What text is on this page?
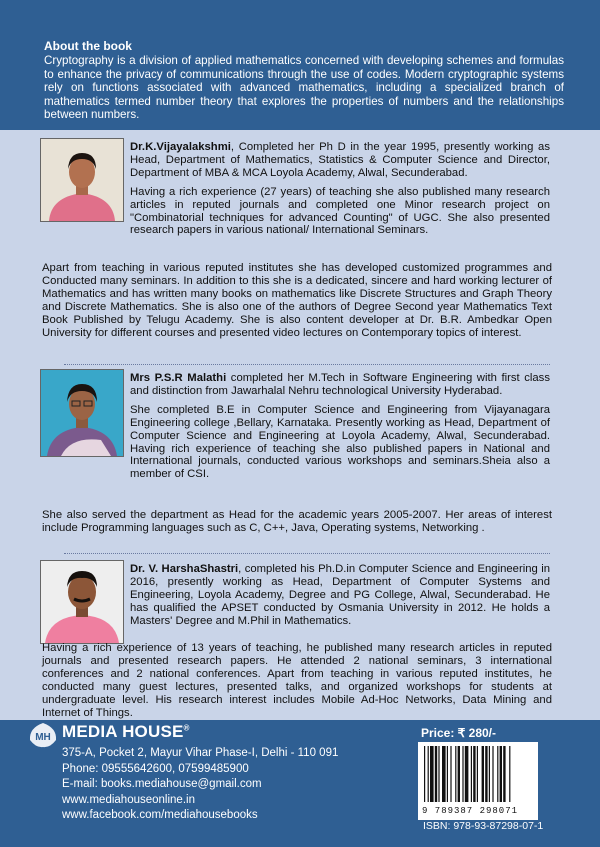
About the book

Cryptography is a division of applied mathematics concerned with developing schemes and formulas to enhance the privacy of communications through the use of codes. Modern cryptographic systems rely on functions associated with advanced mathematics, including a specialized branch of mathematics termed number theory that explores the properties of numbers and the relationships between numbers.

Dr.K.Vijayalakshmi, Completed her Ph D in the year 1995, presently working as Head, Department of Mathematics, Statistics & Computer Science and Director, Department of MBA & MCA Loyola Academy, Alwal, Secunderabad.

Having a rich experience (27 years) of teaching she also published many research articles in reputed journals and completed one Minor research project on "Combinatorial techniques for advanced Counting" of UGC. She also presented research papers in various national/ International Seminars.

Apart from teaching in various reputed institutes she has developed customized programmes and Conducted many seminars. In addition to this she is a dedicated, sincere and hard working lecturer of Mathematics and has written many books on mathematics like Discrete Structures and Graph Theory and Discrete Mathematics. She is also one of the authors of Degree Second year Mathematics Text Book Published by Telugu Academy. She is also content developer at Dr. B.R. Ambedkar Open University for different courses and presented video lectures on Contemporary topics of interest.

Mrs P.S.R Malathi completed her M.Tech in Software Engineering with first class and distinction from Jawarhalal Nehru technological University Hyderabad.

She completed B.E in Computer Science and Engineering from Vijayanagara Engineering college ,Bellary, Karnataka. Presently working as Head, Department of Computer Science and Engineering at Loyola Academy, Alwal, Secunderabad. Having rich experience of teaching she also published papers in National and International journals, conducted various workshops and seminars.Sheia also a member of CSI.

She also served the department as Head for the academic years 2005-2007. Her areas of interest include Programming languages such as C, C++, Java, Operating systems, Networking .

Dr. V. HarshaShastri, completed his Ph.D.in Computer Science and Engineering in 2016, presently working as Head, Department of Computer Systems and Engineering, Loyola Academy, Degree and PG College, Alwal, Secunderabad. He has qualified the APSET conducted by Osmania University in 2012. He holds a Masters' Degree and M.Phil in Mathematics.

Having a rich experience of 13 years of teaching, he published many research articles in reputed journals and presented research papers. He attended 2 national seminars, 3 international conferences and 2 national conferences. Apart from teaching in various reputed institutes, he conducted many guest lectures, presented talks, and organized workshops for students at undergraduate level. His research interest includes Mobile Ad-Hoc Networks, Data Mining and Internet of Things.

MH MEDIA HOUSE®
375-A, Pocket 2, Mayur Vihar Phase-I, Delhi - 110 091
Phone: 09555642600, 07599485900
E-mail: books.mediahouse@gmail.com
www.mediahouseonline.in
www.facebook.com/mediahousebooks
Price: ₹ 280/-
9 789387 298071
ISBN: 978-93-87298-07-1
